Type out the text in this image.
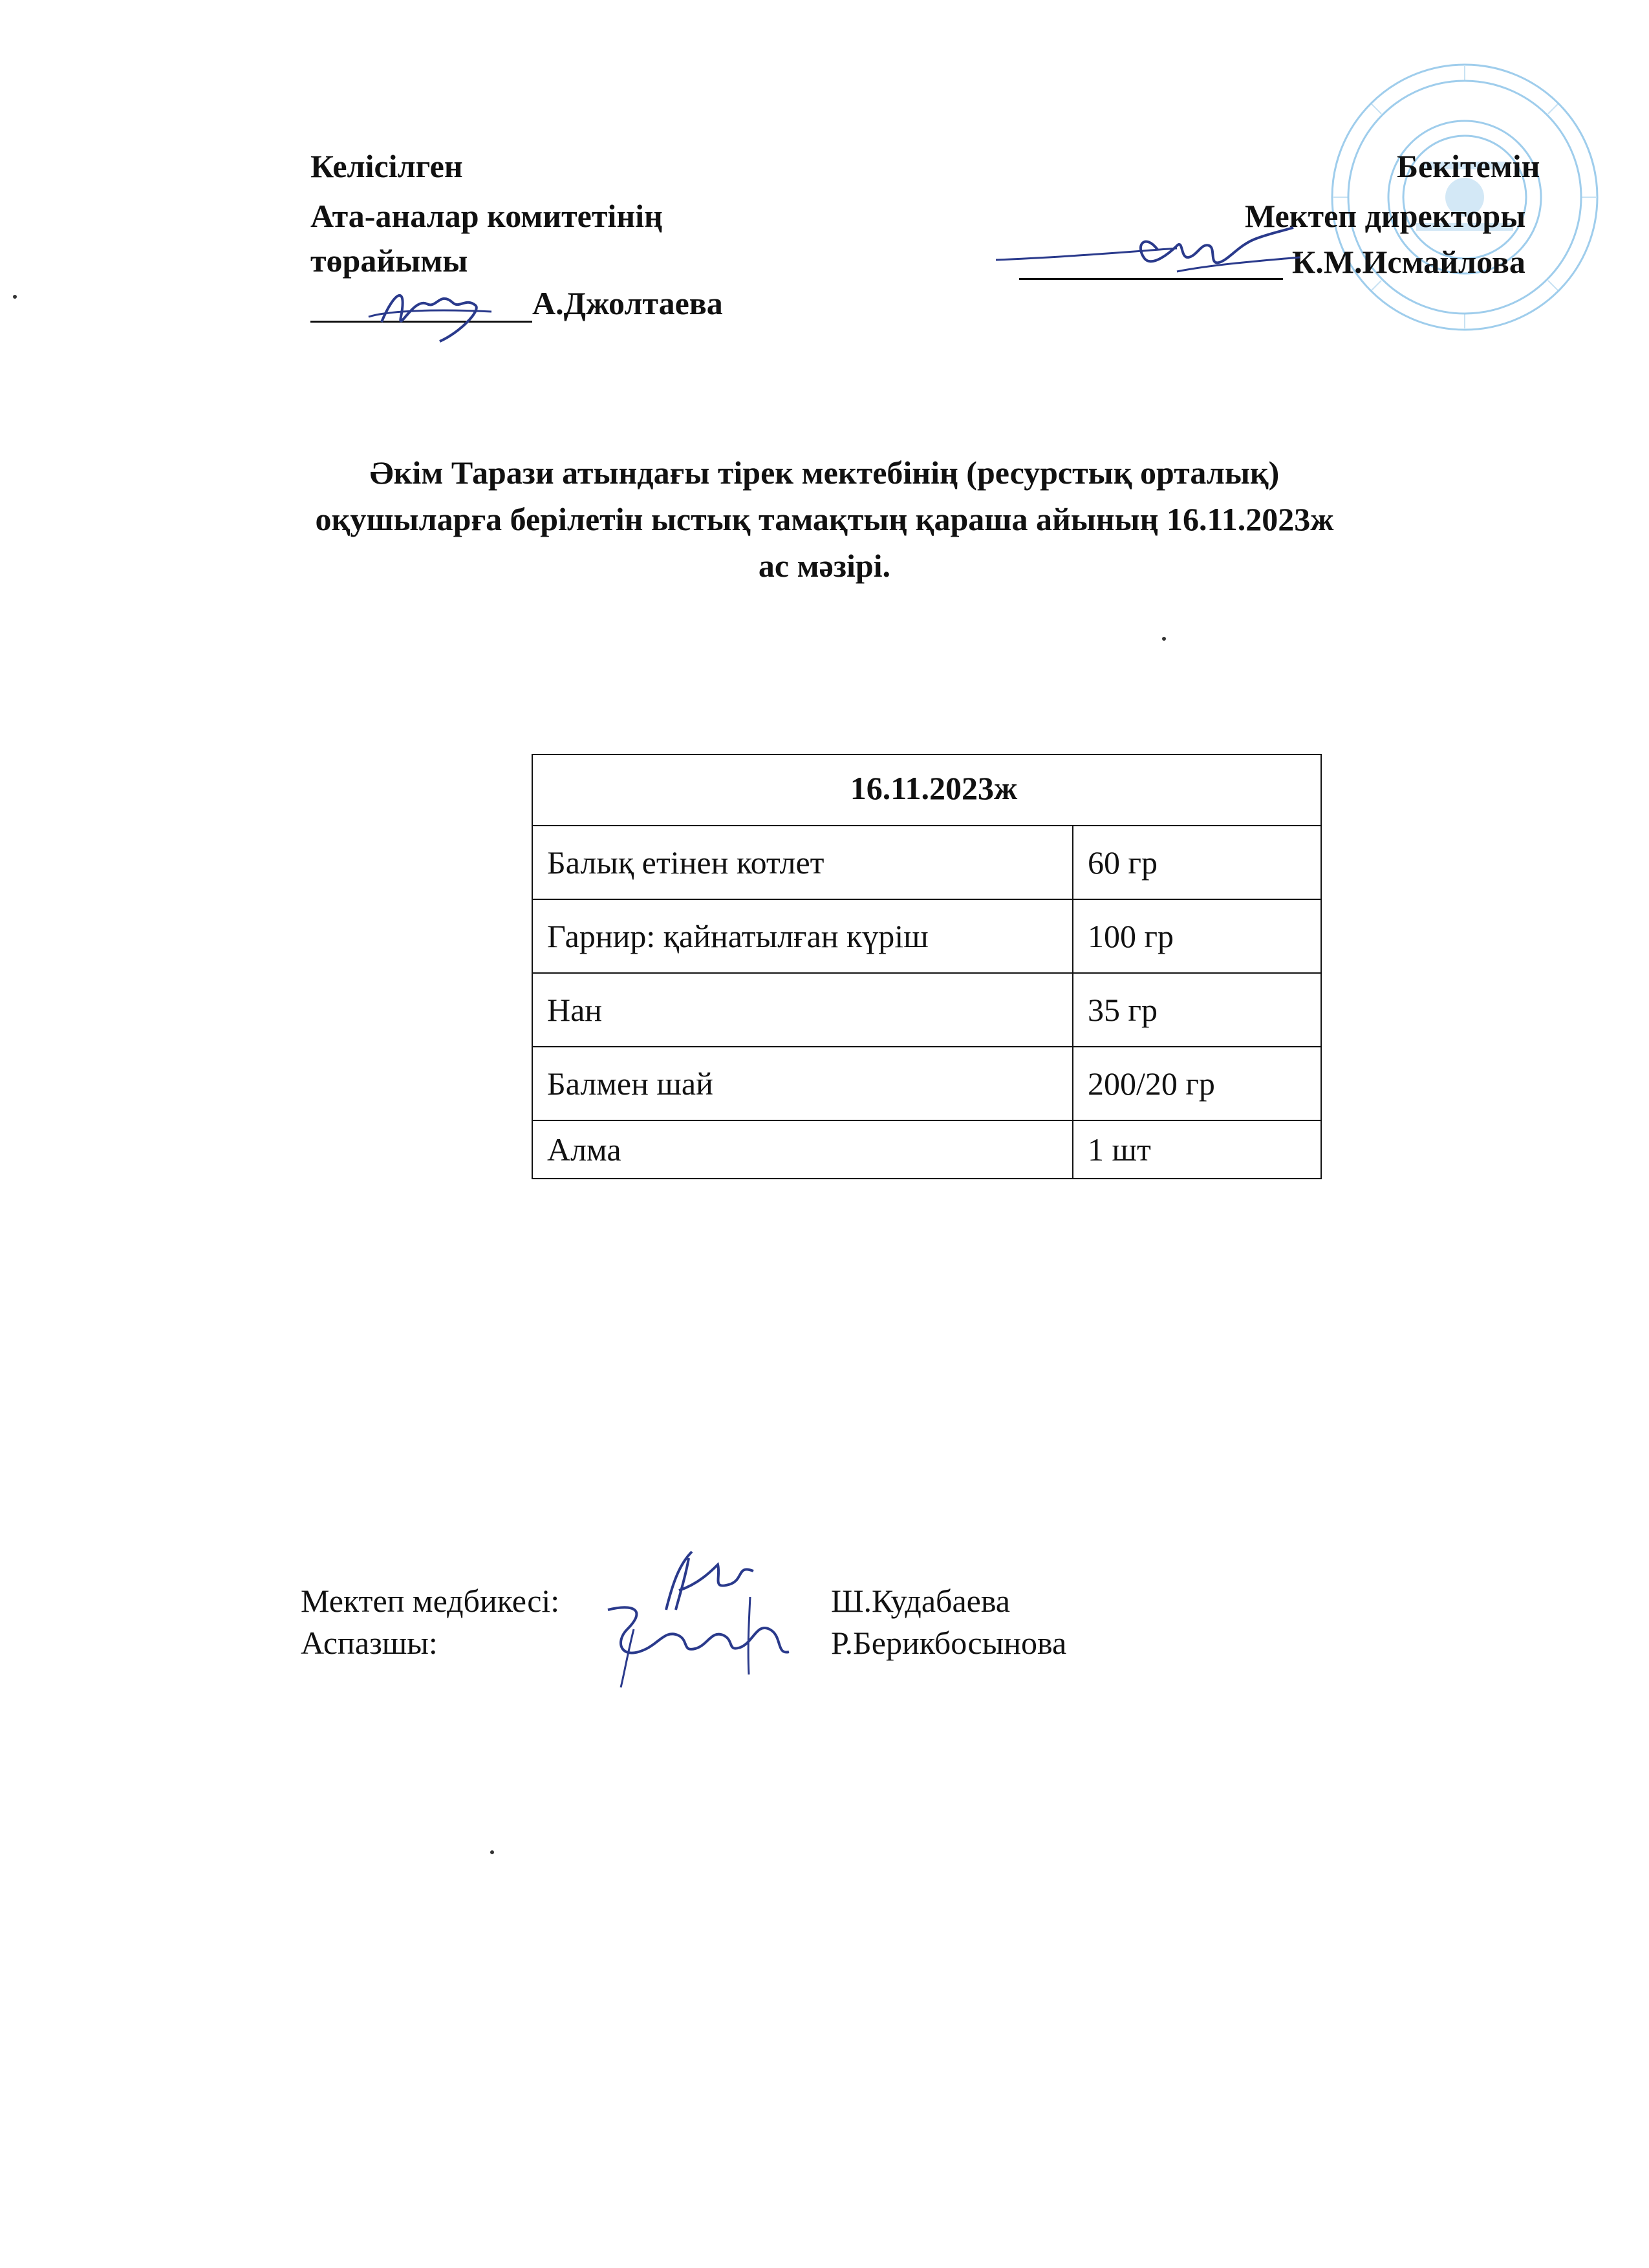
Келісілген
Ата-аналар комитетінің
төрайымы
А.Джолтаева
Бекітемін
Мектеп директоры
К.М.Исмайлова
Әкім Тарази атындағы тірек мектебінің (ресурстық орталық)
оқушыларға берілетін ыстық тамақтың қараша айының 16.11.2023ж
ас мәзірі.
16.11.2023ж	
Балық етінен котлет	60 гр
Гарнир: қайнатылған күріш	100 гр
Нан	35 гр
Балмен шай	200/20 гр
Алма	1 шт
Мектеп медбикесі:	Ш.Кудабаева
Аспазшы:	Р.Берикбосынова
